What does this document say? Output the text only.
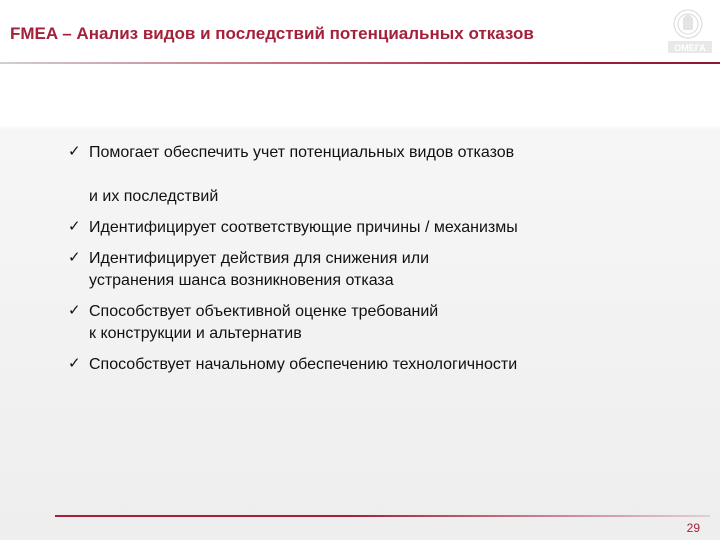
FMEA – Анализ видов и последствий потенциальных отказов
ОМЕГА
✓ Помогает обеспечить учет потенциальных видов отказов
и их последствий
✓ Идентифицирует соответствующие причины / механизмы
✓ Идентифицирует действия для снижения или
устранения шанса возникновения отказа
✓ Способствует объективной оценке требований
к конструкции и альтернатив
✓ Способствует начальному обеспечению технологичности
29
